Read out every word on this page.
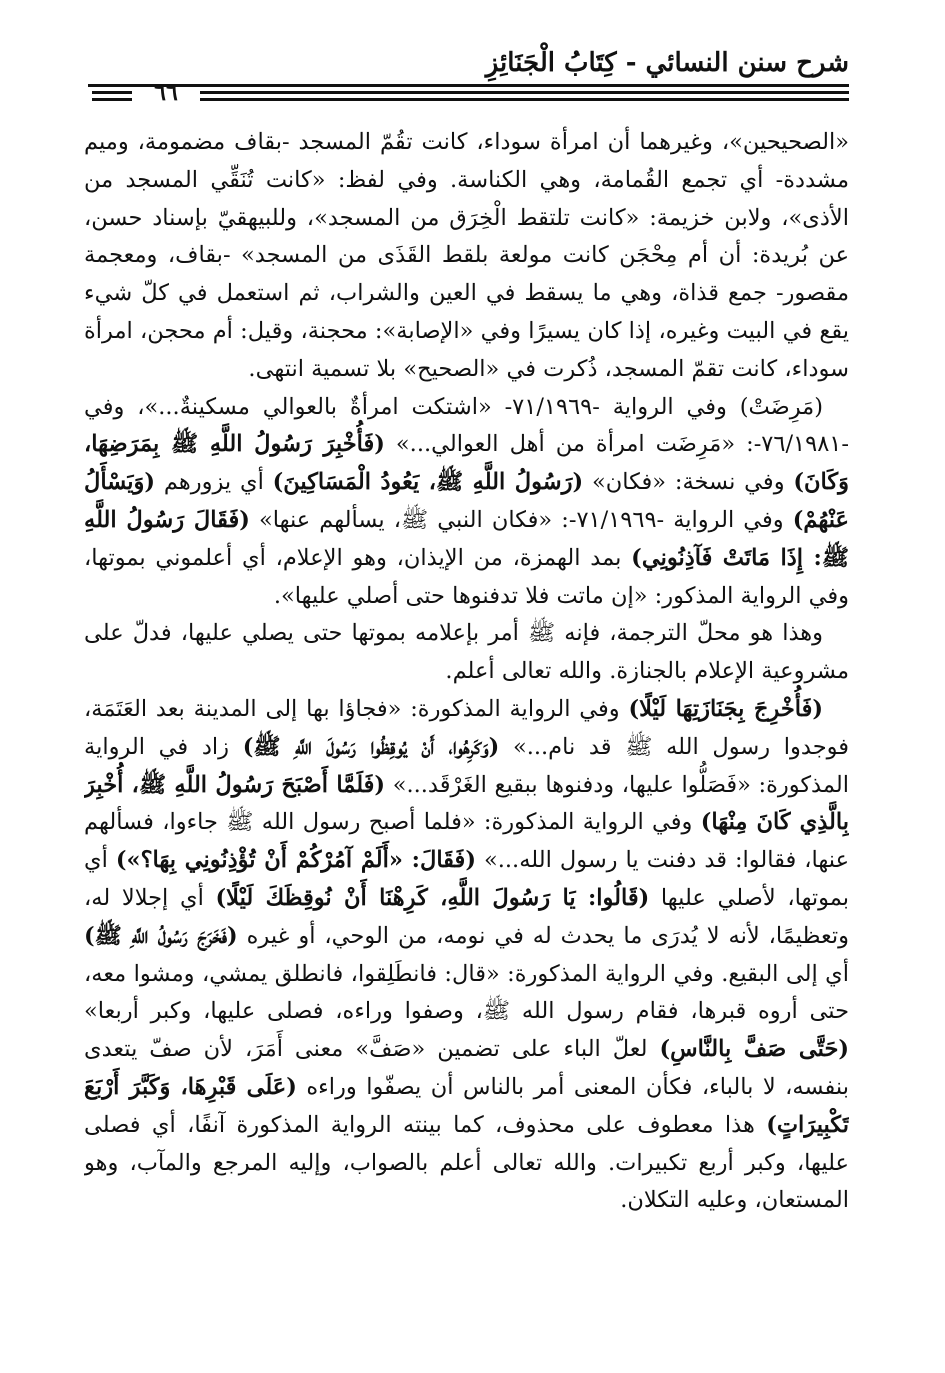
شرح سنن النسائي - كِتَابُ الْجَنَائِزِ
٦٦

«الصحيحين»، وغيرهما أن امرأة سوداء، كانت تقُمّ المسجد -بقاف مضمومة، وميم مشددة- أي تجمع القُمامة، وهي الكناسة. وفي لفظ: «كانت تُنَقِّي المسجد من الأذى»، ولابن خزيمة: «كانت تلتقط الْخِرَق من المسجد»، وللبيهقيّ بإسناد حسن، عن بُريدة: أن أم مِحْجَن كانت مولعة بلقط القَذَى من المسجد» -بقاف، ومعجمة مقصور- جمع قذاة، وهي ما يسقط في العين والشراب، ثم استعمل في كلّ شيء يقع في البيت وغيره، إذا كان يسيرًا وفي «الإصابة»: محجنة، وقيل: أم محجن، امرأة سوداء، كانت تقمّ المسجد، ذُكرت في «الصحيح» بلا تسمية انتهى.

(مَرِضَتْ) وفي الرواية -٧١/١٩٦٩- «اشتكت امرأةٌ بالعوالي مسكينةٌ...»، وفي -٧٦/١٩٨١-: «مَرِضَت امرأة من أهل العوالي...» (فَأُخْبِرَ رَسُولُ اللَّهِ ﷺ بِمَرَضِهَا، وَكَانَ) وفي نسخة: «فكان» (رَسُولُ اللَّهِ ﷺ، يَعُودُ الْمَسَاكِينَ) أي يزورهم (وَيَسْأَلُ عَنْهُمْ) وفي الرواية -٧١/١٩٦٩-: «فكان النبي ﷺ، يسألهم عنها» (فَقَالَ رَسُولُ اللَّهِ ﷺ: إِذَا مَاتَتْ فَآذِنُونِي) بمد الهمزة، من الإيذان، وهو الإعلام، أي أعلموني بموتها، وفي الرواية المذكور: «إن ماتت فلا تدفنوها حتى أصلي عليها».

وهذا هو محلّ الترجمة، فإنه ﷺ أمر بإعلامه بموتها حتى يصلي عليها، فدلّ على مشروعية الإعلام بالجنازة. والله تعالى أعلم.

(فَأُخْرِجَ بِجَنَازَتِهَا لَيْلًا) وفي الرواية المذكورة: «فجاؤا بها إلى المدينة بعد العَتَمَة، فوجدوا رسول الله ﷺ قد نام...» (وَكَرِهُوا، أَنْ يُوقِظُوا رَسُولَ اللَّهِ ﷺ) زاد في الرواية المذكورة: «فَصَلُّوا عليها، ودفنوها ببقيع الغَرْقَد...» (فَلَمَّا أَصْبَحَ رَسُولُ اللَّهِ ﷺ، أُخْبِرَ بِالَّذِي كَانَ مِنْهَا) وفي الرواية المذكورة: «فلما أصبح رسول الله ﷺ جاءوا، فسألهم عنها، فقالوا: قد دفنت يا رسول الله...» (فَقَالَ: «أَلَمْ آمُرْكُمْ أَنْ تُؤْذِنُونِي بِهَا؟») أي بموتها، لأصلي عليها (قَالُوا: يَا رَسُولَ اللَّهِ، كَرِهْنَا أَنْ نُوقِظَكَ لَيْلًا) أي إجلالا له، وتعظيمًا، لأنه لا يُدرَى ما يحدث له في نومه، من الوحي، أو غيره (فَخَرَجَ رَسُولُ اللَّهِ ﷺ) أي إلى البقيع. وفي الرواية المذكورة: «قال: فانطَلِقوا، فانطلق يمشي، ومشوا معه، حتى أروه قبرها، فقام رسول الله ﷺ، وصفوا وراءه، فصلى عليها، وكبر أربعا» (حَتَّى صَفَّ بِالنَّاسِ) لعلّ الباء على تضمين «صَفَّ» معنى أَمَرَ، لأن صفّ يتعدى بنفسه، لا بالباء، فكأن المعنى أمر بالناس أن يصفّوا وراءه (عَلَى قَبْرِهَا، وَكَبَّرَ أَرْبَعَ تَكْبِيرَاتٍ) هذا معطوف على محذوف، كما بينته الرواية المذكورة آنفًا، أي فصلى عليها، وكبر أربع تكبيرات. والله تعالى أعلم بالصواب، وإليه المرجع والمآب، وهو المستعان، وعليه التكلان.
